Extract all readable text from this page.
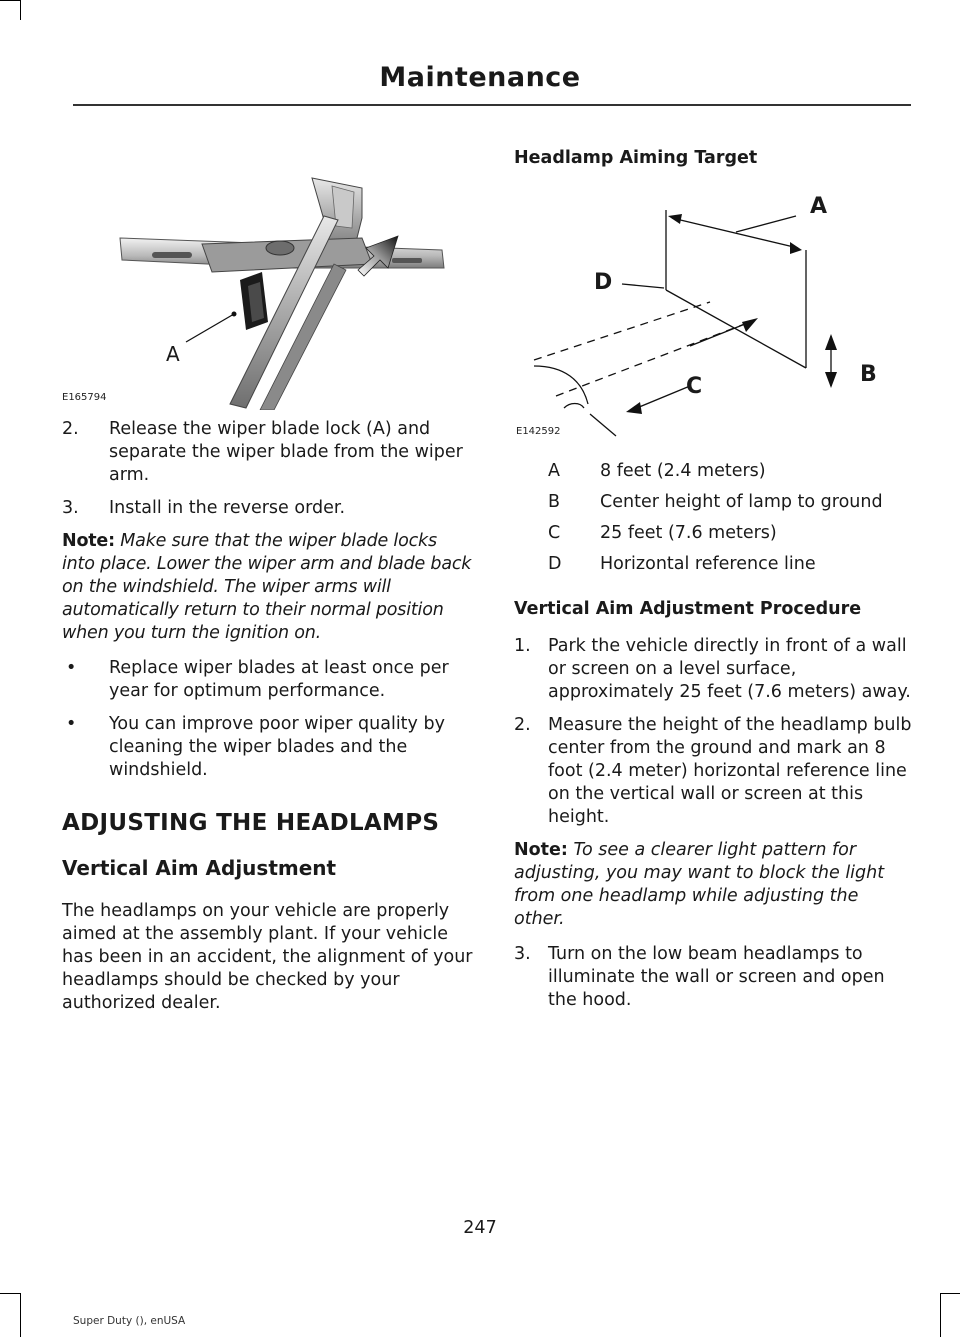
Maintenance
A
E165794
2. Release the wiper blade lock (A) and separate the wiper blade from the wiper arm.
3. Install in the reverse order.

Note: Make sure that the wiper blade locks into place. Lower the wiper arm and blade back on the windshield. The wiper arms will automatically return to their normal position when you turn the ignition on.

• Replace wiper blades at least once per year for optimum performance.
• You can improve poor wiper quality by cleaning the wiper blades and the windshield.
ADJUSTING THE HEADLAMPS
Vertical Aim Adjustment

The headlamps on your vehicle are properly aimed at the assembly plant. If your vehicle has been in an accident, the alignment of your headlamps should be checked by your authorized dealer.

Headlamp Aiming Target
A
D
B
C
E142592
A 8 feet (2.4 meters)
B Center height of lamp to ground
C 25 feet (7.6 meters)
D Horizontal reference line
Vertical Aim Adjustment Procedure
1. Park the vehicle directly in front of a wall or screen on a level surface, approximately 25 feet (7.6 meters) away.
2. Measure the height of the headlamp bulb center from the ground and mark an 8 foot (2.4 meter) horizontal reference line on the vertical wall or screen at this height.

Note: To see a clearer light pattern for adjusting, you may want to block the light from one headlamp while adjusting the other.

3. Turn on the low beam headlamps to illuminate the wall or screen and open the hood.
247
Super Duty (), enUSA
